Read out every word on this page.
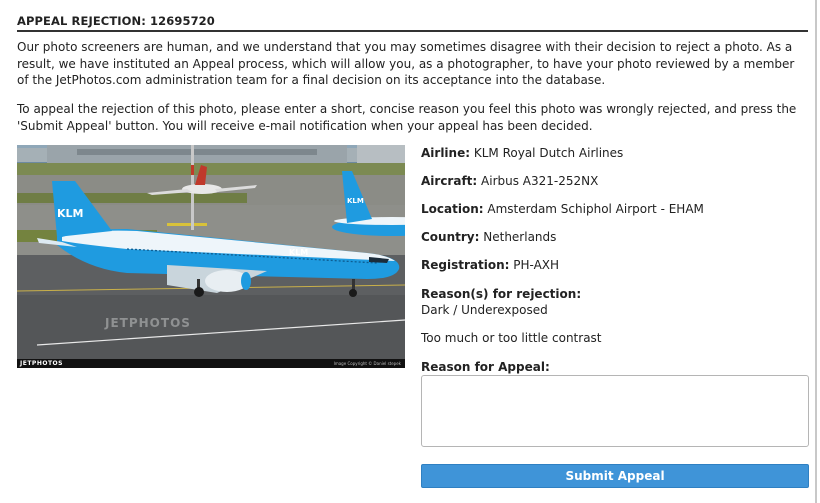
APPEAL REJECTION: 12695720
Our photo screeners are human, and we understand that you may sometimes disagree with their decision to reject a photo. As a result, we have instituted an Appeal process, which will allow you, as a photographer, to have your photo reviewed by a member of the JetPhotos.com administration team for a final decision on its acceptance into the database.
To appeal the rejection of this photo, please enter a short, concise reason you feel this photo was wrongly rejected, and press the 'Submit Appeal' button. You will receive e-mail notification when your appeal has been decided.
KLM
KLM
KLM
JETPHOTOS
JETPHOTOS	Image Copyright © Daniel stepek
Airline: KLM Royal Dutch Airlines
Aircraft: Airbus A321-252NX
Location: Amsterdam Schiphol Airport - EHAM
Country: Netherlands
Registration: PH-AXH
Reason(s) for rejection:
Dark / Underexposed
Too much or too little contrast
Reason for Appeal:
Submit Appeal
